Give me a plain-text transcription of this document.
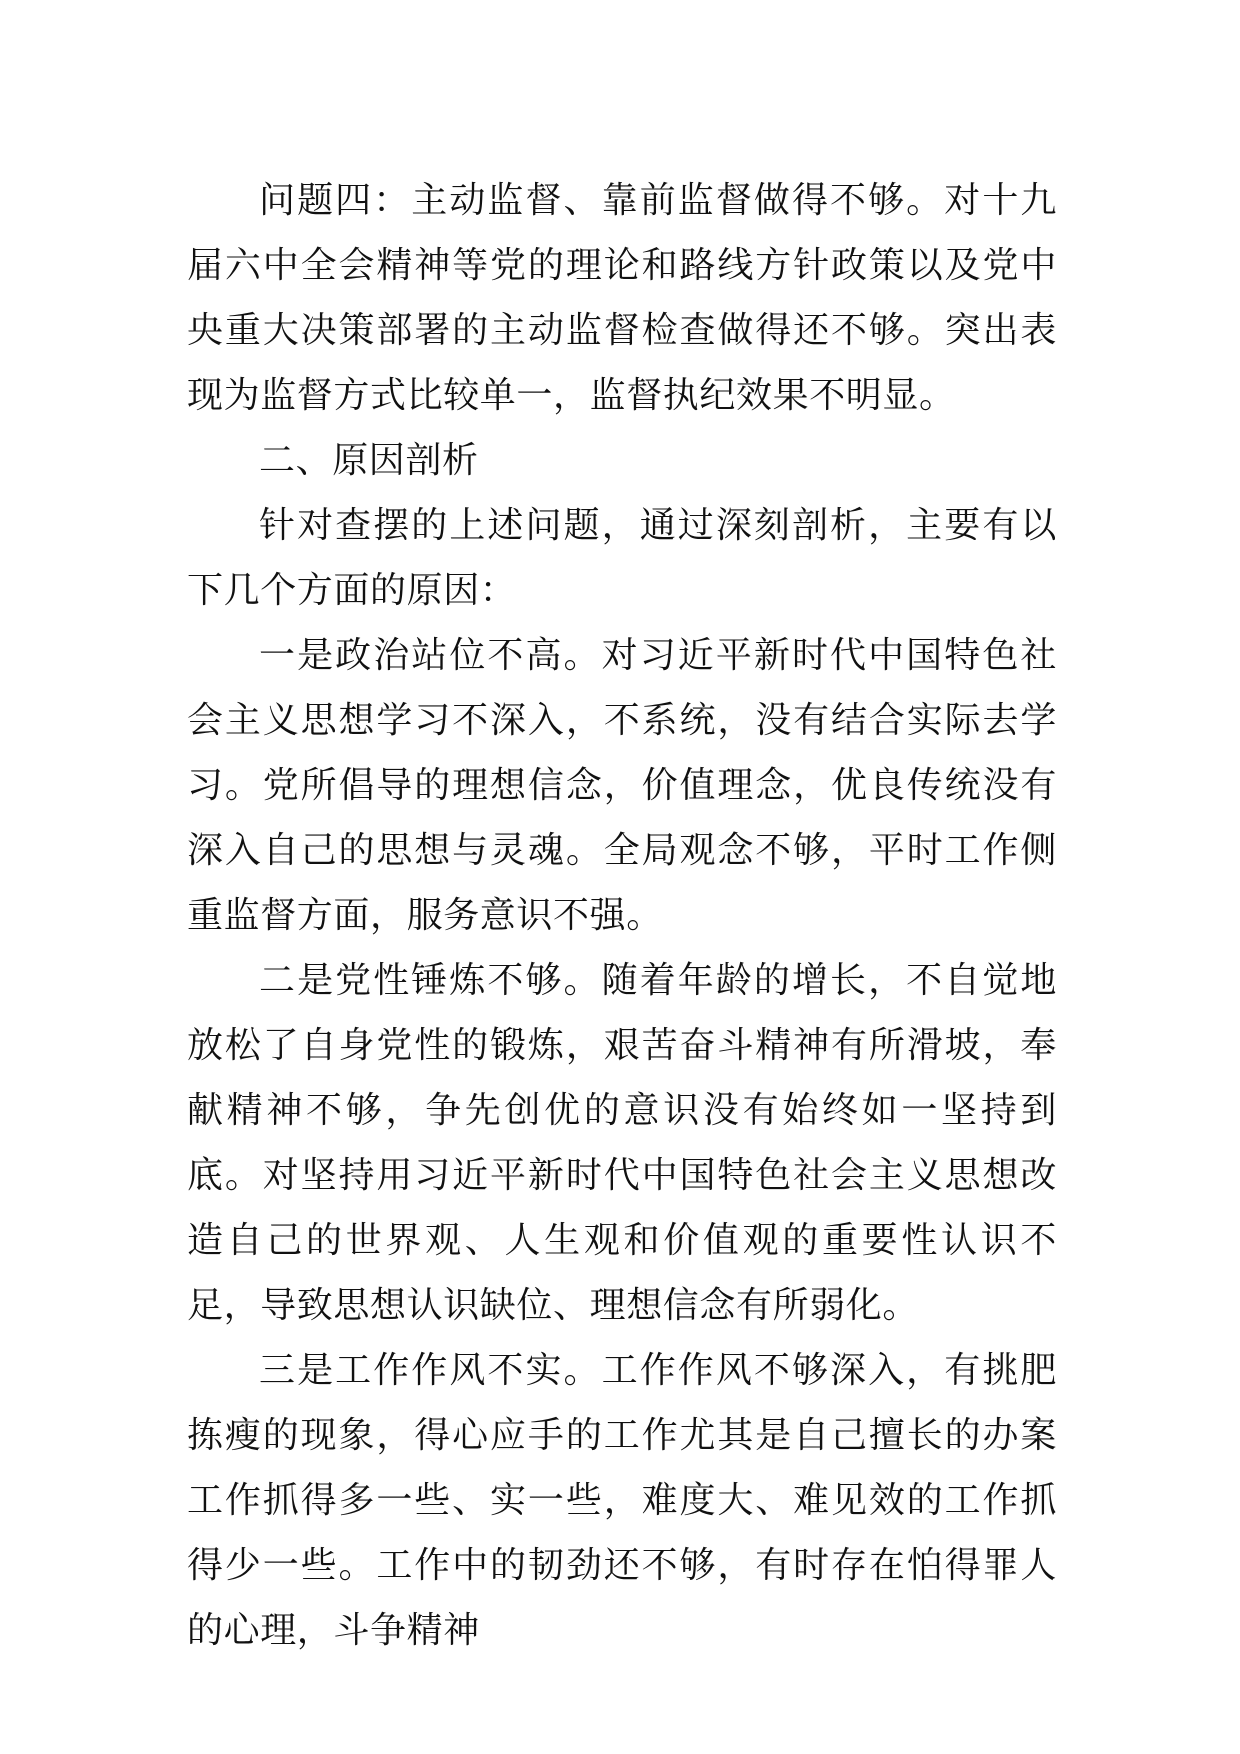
问题四：主动监督、靠前监督做得不够。对十九届六中全会精神等党的理论和路线方针政策以及党中央重大决策部署的主动监督检查做得还不够。突出表现为监督方式比较单一，监督执纪效果不明显。

二、原因剖析

针对查摆的上述问题，通过深刻剖析，主要有以下几个方面的原因：

一是政治站位不高。对习近平新时代中国特色社会主义思想学习不深入，不系统，没有结合实际去学习。党所倡导的理想信念，价值理念，优良传统没有深入自己的思想与灵魂。全局观念不够，平时工作侧重监督方面，服务意识不强。

二是党性锤炼不够。随着年龄的增长，不自觉地放松了自身党性的锻炼，艰苦奋斗精神有所滑坡，奉献精神不够，争先创优的意识没有始终如一坚持到底。对坚持用习近平新时代中国特色社会主义思想改造自己的世界观、人生观和价值观的重要性认识不足，导致思想认识缺位、理想信念有所弱化。

三是工作作风不实。工作作风不够深入，有挑肥拣瘦的现象，得心应手的工作尤其是自己擅长的办案工作抓得多一些、实一些，难度大、难见效的工作抓得少一些。工作中的韧劲还不够，有时存在怕得罪人的心理，斗争精神
